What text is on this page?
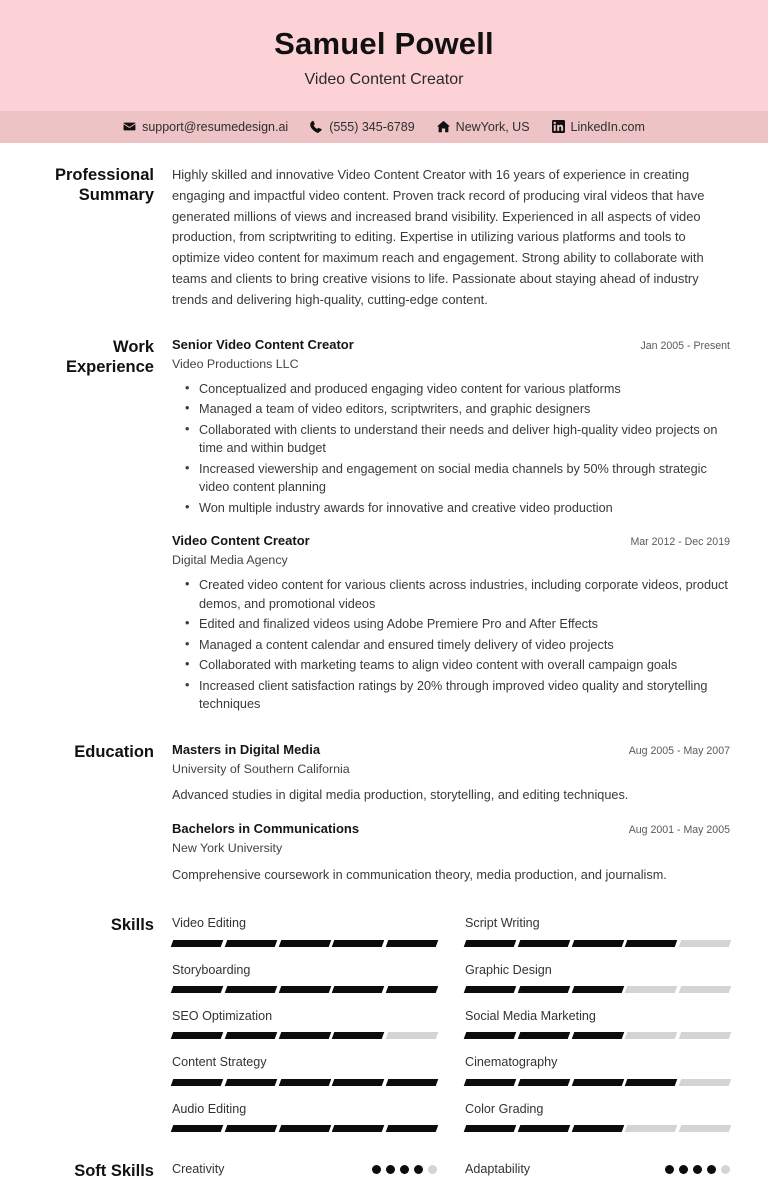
Samuel Powell
Video Content Creator
support@resumedesign.ai	(555) 345-6789	NewYork, US	LinkedIn.com
Professional Summary
Highly skilled and innovative Video Content Creator with 16 years of experience in creating engaging and impactful video content. Proven track record of producing viral videos that have generated millions of views and increased brand visibility. Experienced in all aspects of video production, from scriptwriting to editing. Expertise in utilizing various platforms and tools to optimize video content for maximum reach and engagement. Strong ability to collaborate with teams and clients to bring creative visions to life. Passionate about staying ahead of industry trends and delivering high-quality, cutting-edge content.
Work Experience
Senior Video Content Creator	Jan 2005 - Present
Video Productions LLC
• Conceptualized and produced engaging video content for various platforms
• Managed a team of video editors, scriptwriters, and graphic designers
• Collaborated with clients to understand their needs and deliver high-quality video projects on time and within budget
• Increased viewership and engagement on social media channels by 50% through strategic video content planning
• Won multiple industry awards for innovative and creative video production
Video Content Creator	Mar 2012 - Dec 2019
Digital Media Agency
• Created video content for various clients across industries, including corporate videos, product demos, and promotional videos
• Edited and finalized videos using Adobe Premiere Pro and After Effects
• Managed a content calendar and ensured timely delivery of video projects
• Collaborated with marketing teams to align video content with overall campaign goals
• Increased client satisfaction ratings by 20% through improved video quality and storytelling techniques
Education	Masters in Digital Media	Aug 2005 - May 2007
University of Southern California
Advanced studies in digital media production, storytelling, and editing techniques.
Bachelors in Communications	Aug 2001 - May 2005
New York University
Comprehensive coursework in communication theory, media production, and journalism.
Skills	Video Editing	Script Writing
Storyboarding	Graphic Design
SEO Optimization	Social Media Marketing
Content Strategy	Cinematography
Audio Editing	Color Grading
Soft Skills	Creativity	Adaptability
